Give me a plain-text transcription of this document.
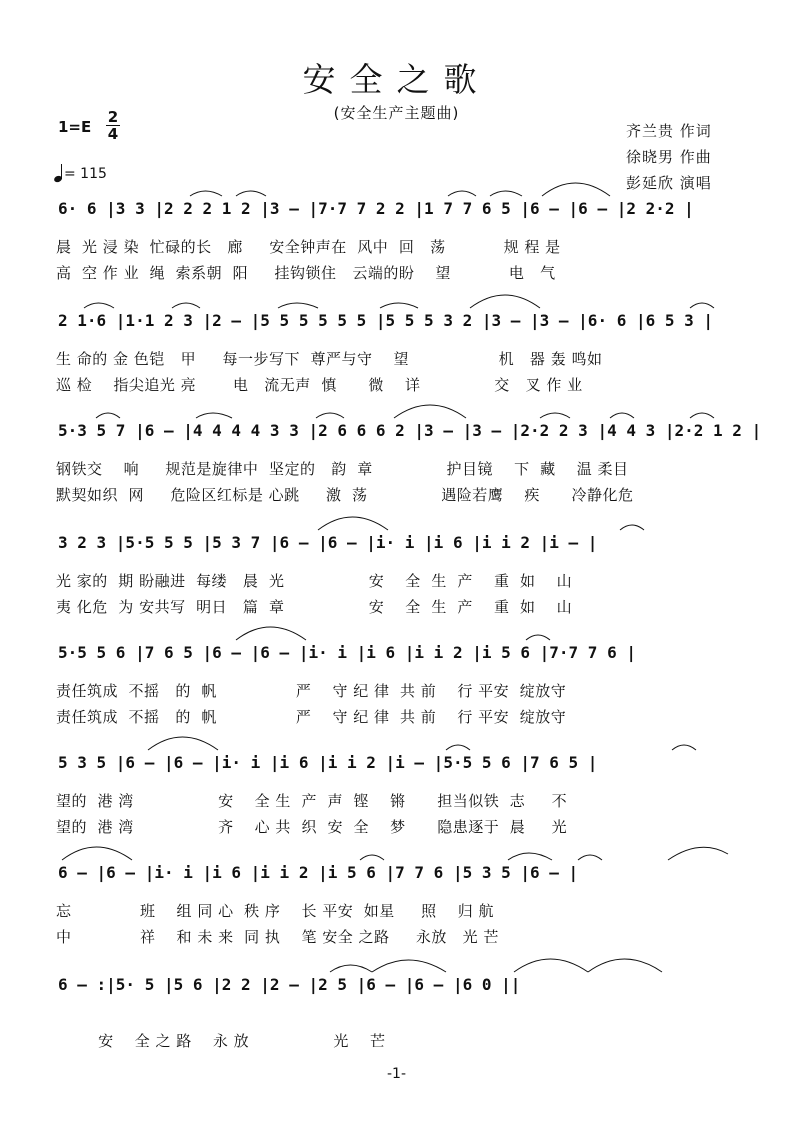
安全之歌
(安全生产主题曲)
齐兰贵 作词
徐晓男 作曲
彭延欣 演唱
1=E
2
4
= 115
6· 6 |3 3 |2 2 2 1 2 |3 – |7·7 7 2 2 |1 7 7 6 5 |6 – |6 – |2 2·2 |
晨  光 浸 染  忙碌的长   廊     安全钟声在  风中  回   荡           规 程 是
高  空 作 业  绳  索系朝  阳     挂钩锁住   云端的盼    望           电   气
2 1·6 |1·1 2 3 |2 – |5 5 5 5 5 5 |5 5 5 3 2 |3 – |3 – |6· 6 |6 5 3 |
生 命的 金 色铠   甲     每一步写下  尊严与守    望                 机   器 轰 鸣如
巡 检    指尖追光 亮       电   流无声  慎      微    详              交   叉 作 业
5·3 5 7 |6 – |4 4 4 4 3 3 |2 6 6 6 2 |3 – |3 – |2·2 2 3 |4 4 3 |2·2 1 2 |
钢铁交    响     规范是旋律中  坚定的   韵  章              护目镜    下  藏    温 柔目
默契如织  网     危险区红标是 心跳     激  荡              遇险若鹰    疾      冷静化危
3 2 3 |5·5 5 5 |5 3 7 |6 – |6 – |i· i |i 6 |i i 2 |i – |
光 家的  期 盼融进  每缕   晨  光                安    全  生  产    重  如    山
夷 化危  为 安共写  明日   篇  章                安    全  生  产    重  如    山
5·5 5 6 |7 6 5 |6 – |6 – |i· i |i 6 |i i 2 |i 5 6 |7·7 7 6 |
责任筑成  不摇   的  帆               严    守 纪 律  共 前    行 平安  绽放守
责任筑成  不摇   的  帆               严    守 纪 律  共 前    行 平安  绽放守
5 3 5 |6 – |6 – |i· i |i 6 |i i 2 |i – |5·5 5 6 |7 6 5 |
望的  港 湾                安    全 生  产  声  铿    锵      担当似铁  志     不
望的  港 湾                齐    心 共  织  安  全    梦      隐患逐于  晨     光
6 – |6 – |i· i |i 6 |i i 2 |i 5 6 |7 7 6 |5 3 5 |6 – |
忘             班    组 同 心  秩 序    长 平安  如星     照    归 航
中             祥    和 未 来  同 执    笔 安全 之路     永放   光 芒
6 – :|5· 5 |5 6 |2 2 |2 – |2 5 |6 – |6 – |6 0 ||
安    全 之 路    永 放                光    芒
-1-
